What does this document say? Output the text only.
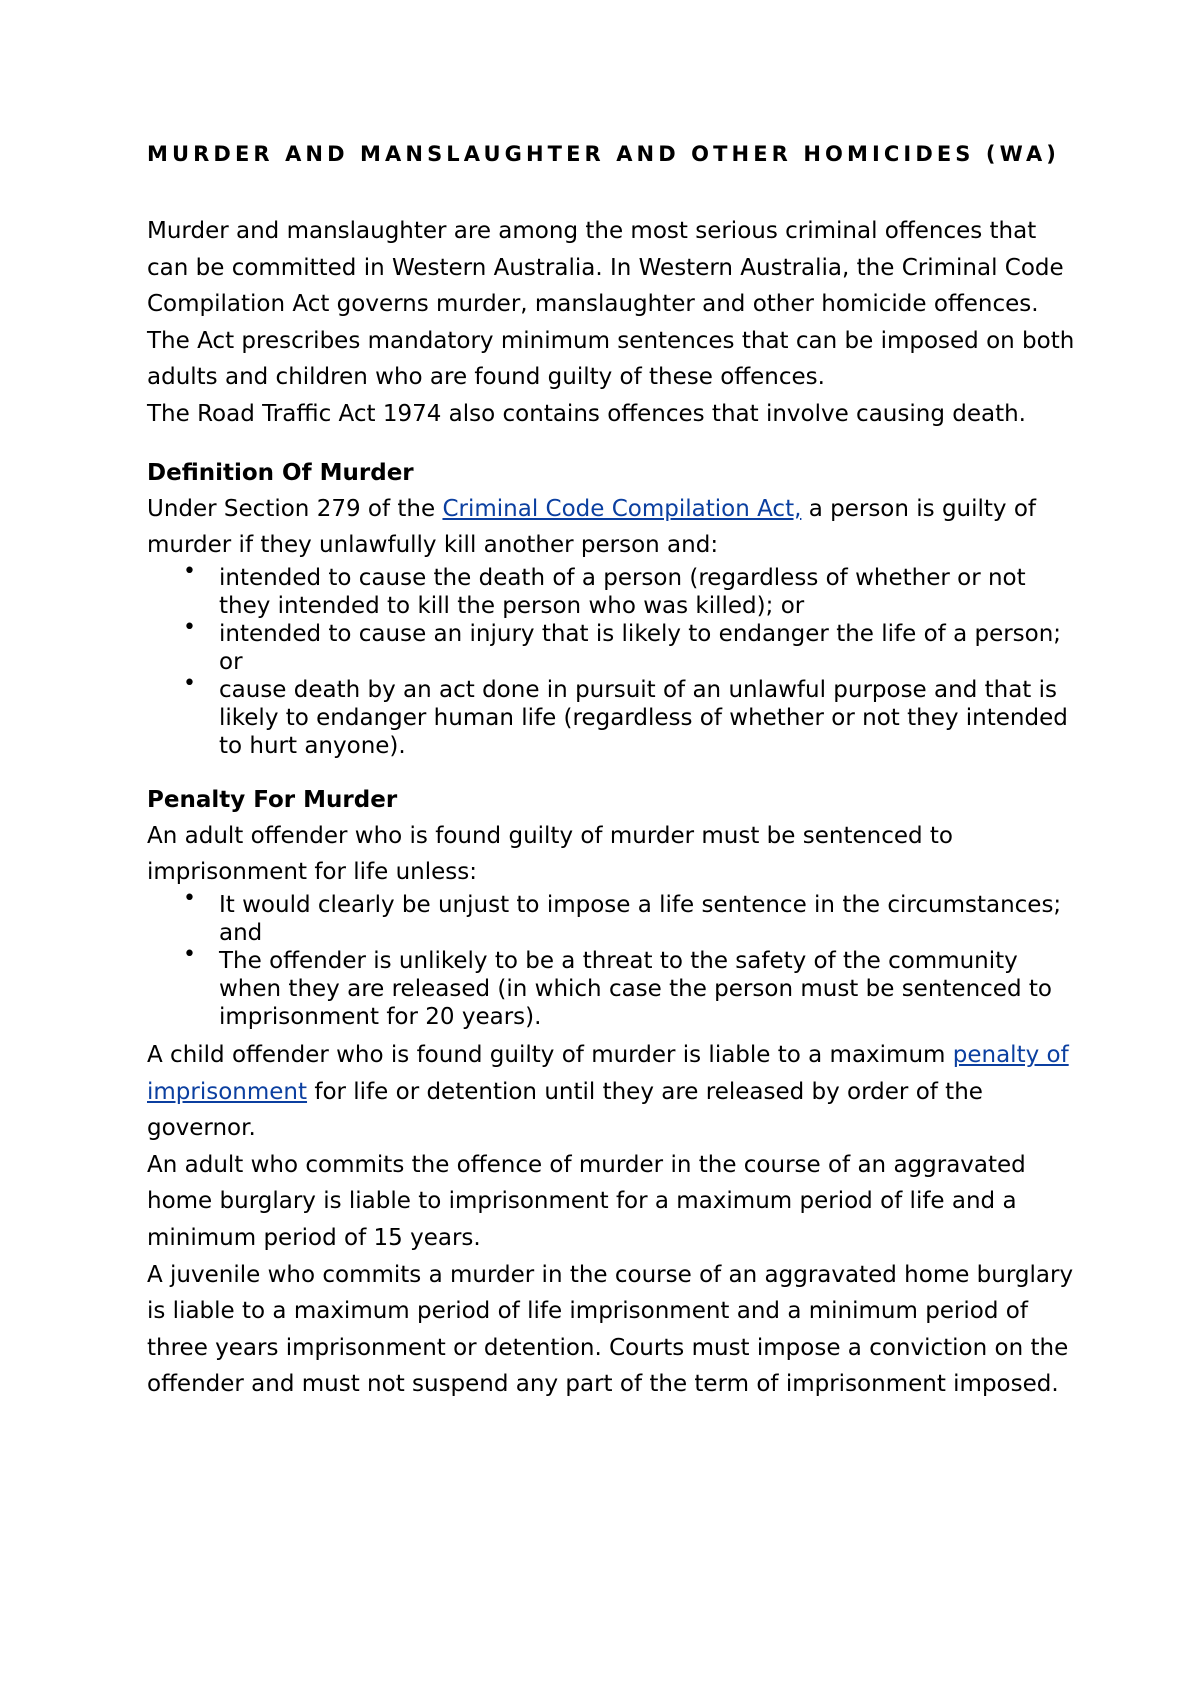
MURDER AND MANSLAUGHTER AND OTHER HOMICIDES (WA)

Murder and manslaughter are among the most serious criminal offences that can be committed in Western Australia. In Western Australia, the Criminal Code Compilation Act governs murder, manslaughter and other homicide offences. The Act prescribes mandatory minimum sentences that can be imposed on both adults and children who are found guilty of these offences.

The Road Traffic Act 1974 also contains offences that involve causing death.

Definition Of Murder

Under Section 279 of the Criminal Code Compilation Act, a person is guilty of murder if they unlawfully kill another person and:

• intended to cause the death of a person (regardless of whether or not they intended to kill the person who was killed); or
• intended to cause an injury that is likely to endanger the life of a person; or
• cause death by an act done in pursuit of an unlawful purpose and that is likely to endanger human life (regardless of whether or not they intended to hurt anyone).
Penalty For Murder

An adult offender who is found guilty of murder must be sentenced to imprisonment for life unless:

• It would clearly be unjust to impose a life sentence in the circumstances; and
• The offender is unlikely to be a threat to the safety of the community when they are released (in which case the person must be sentenced to imprisonment for 20 years).

A child offender who is found guilty of murder is liable to a maximum penalty of imprisonment for life or detention until they are released by order of the governor.

An adult who commits the offence of murder in the course of an aggravated home burglary is liable to imprisonment for a maximum period of life and a minimum period of 15 years.

A juvenile who commits a murder in the course of an aggravated home burglary is liable to a maximum period of life imprisonment and a minimum period of three years imprisonment or detention. Courts must impose a conviction on the offender and must not suspend any part of the term of imprisonment imposed.
